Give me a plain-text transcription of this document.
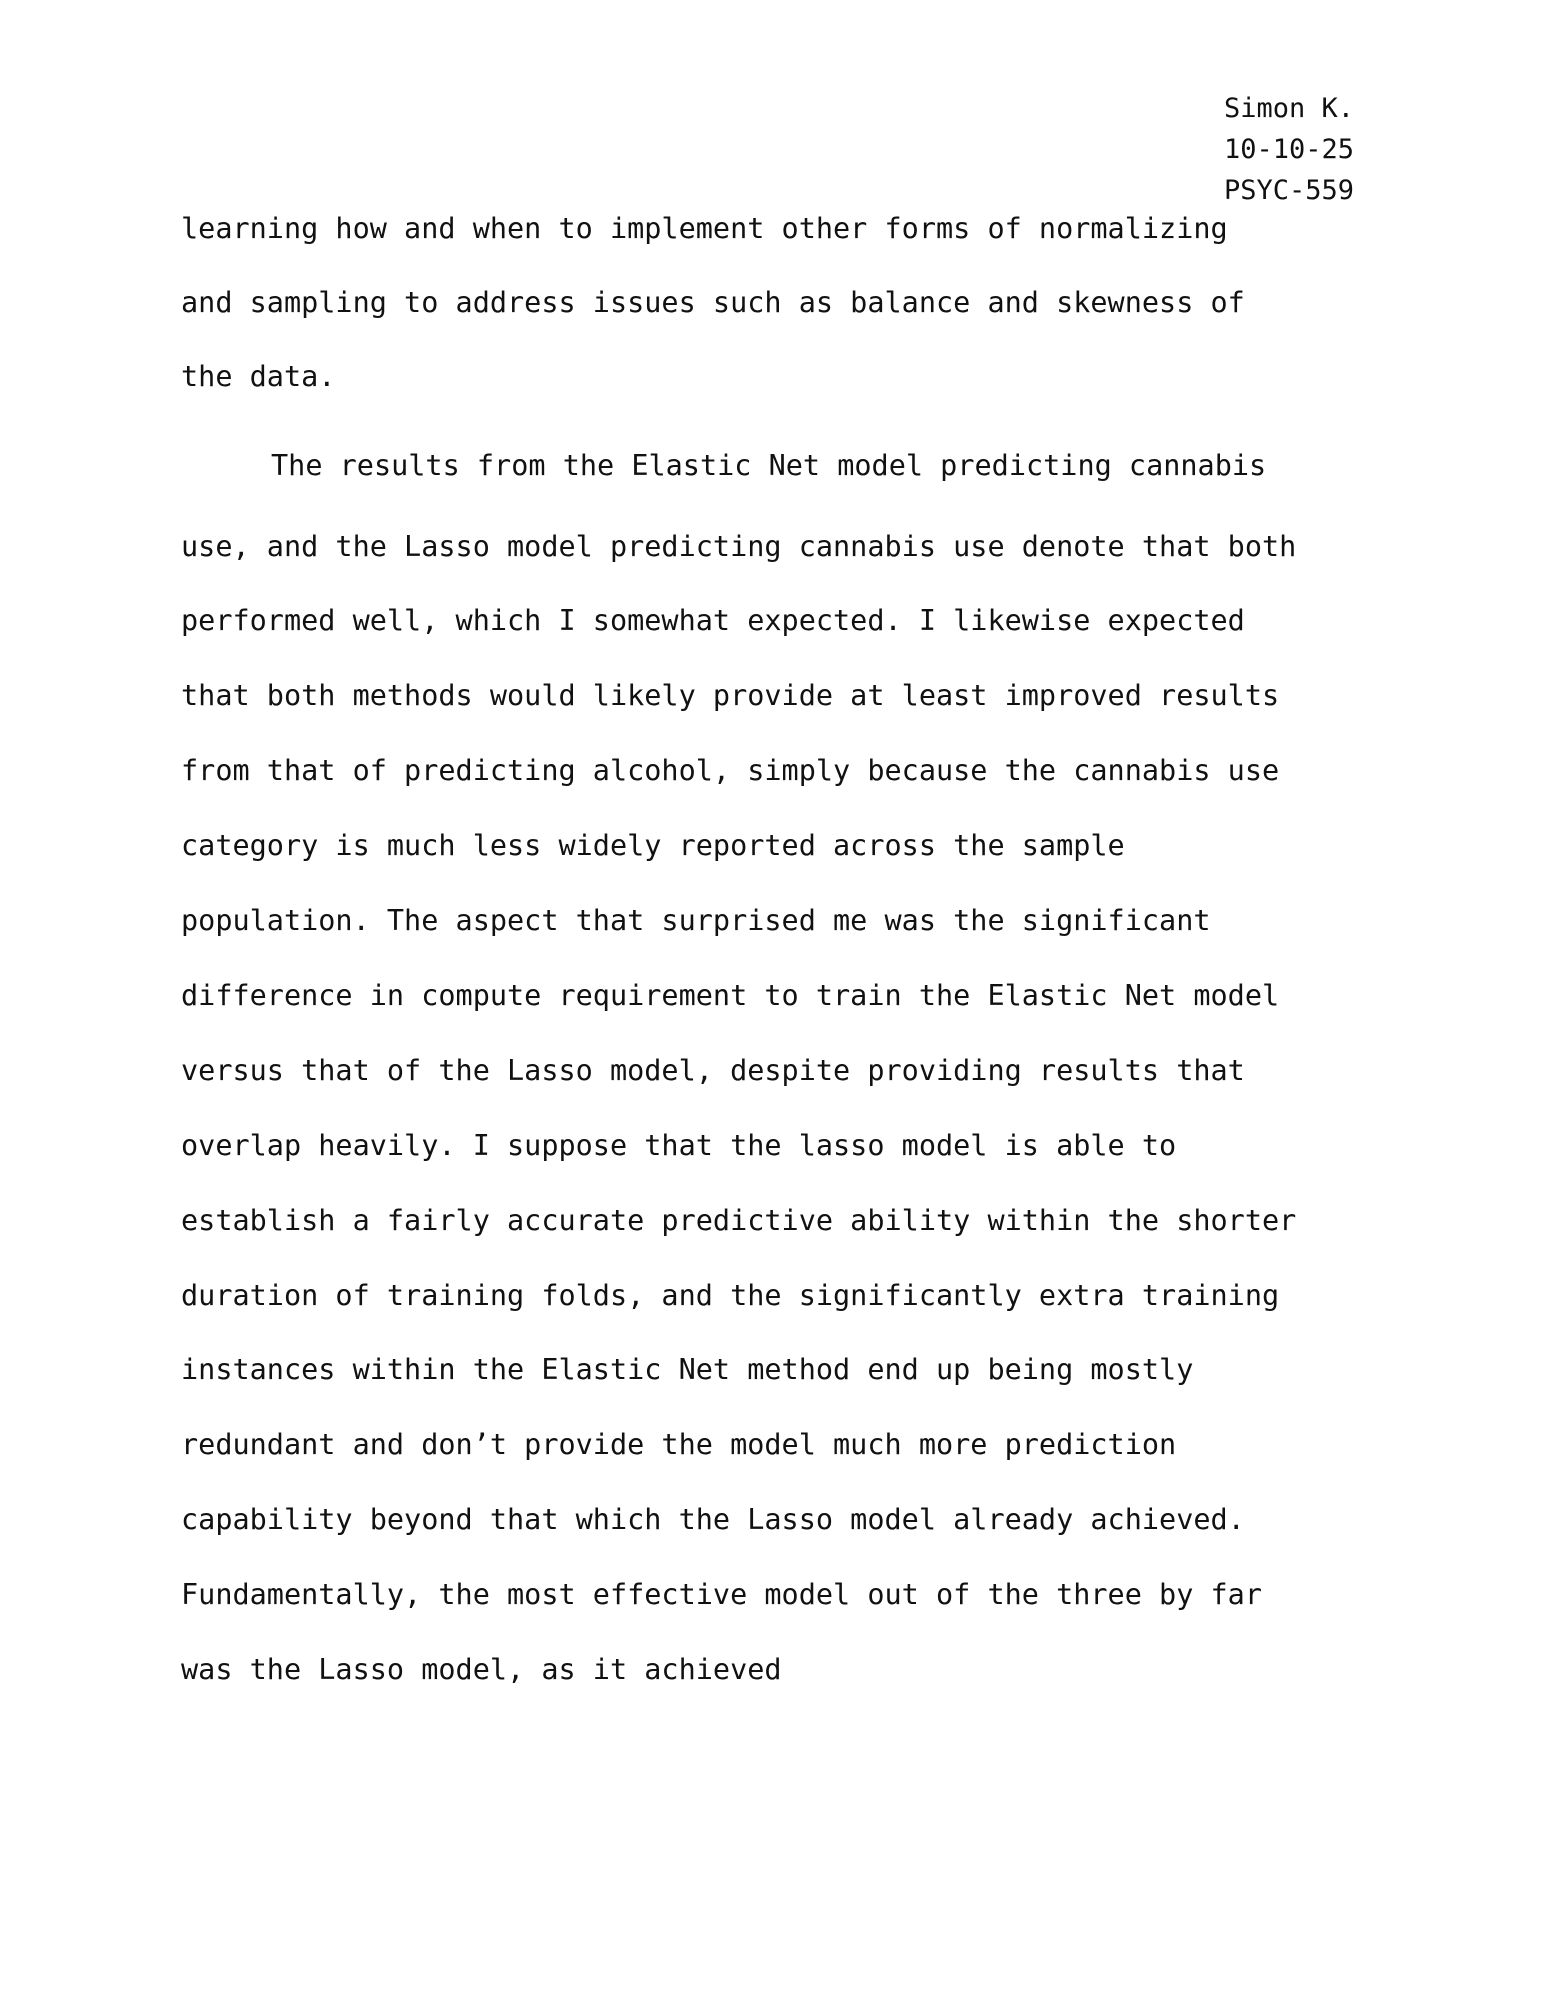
Simon K.
10-10-25
PSYC-559
learning how and when to implement other forms of normalizing
and sampling to address issues such as balance and skewness of
the data.
The results from the Elastic Net model predicting cannabis
use, and the Lasso model predicting cannabis use denote that both
performed well, which I somewhat expected. I likewise expected
that both methods would likely provide at least improved results
from that of predicting alcohol, simply because the cannabis use
category is much less widely reported across the sample
population. The aspect that surprised me was the significant
difference in compute requirement to train the Elastic Net model
versus that of the Lasso model, despite providing results that
overlap heavily. I suppose that the lasso model is able to
establish a fairly accurate predictive ability within the shorter
duration of training folds, and the significantly extra training
instances within the Elastic Net method end up being mostly
redundant and don’t provide the model much more prediction
capability beyond that which the Lasso model already achieved.
Fundamentally, the most effective model out of the three by far
was the Lasso model, as it achieved
